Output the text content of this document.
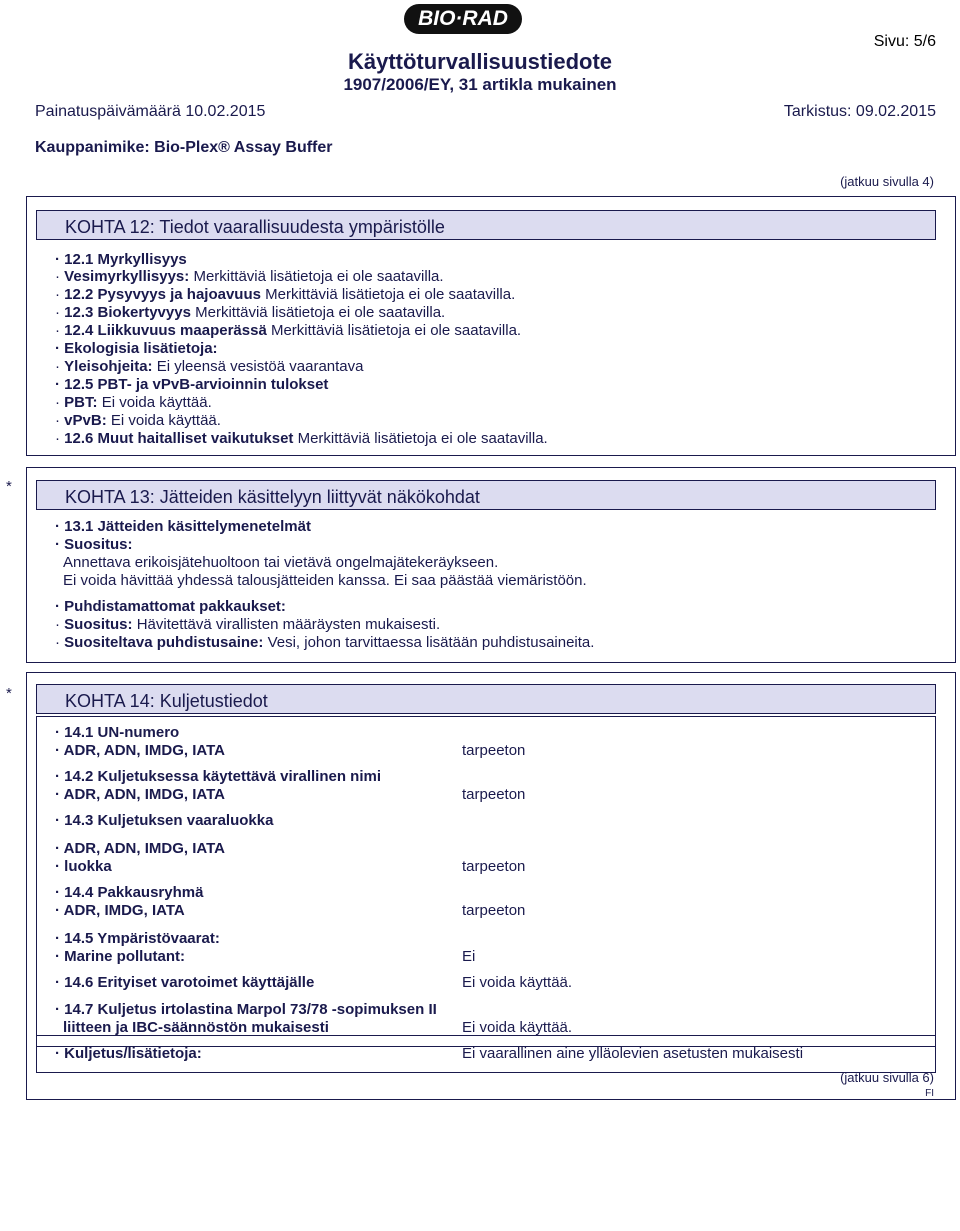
BIO·RAD
Käyttöturvallisuustiedote
1907/2006/EY, 31 artikla mukainen
Sivu: 5/6
Painatuspäivämäärä 10.02.2015	Tarkistus: 09.02.2015
Kauppanimike: Bio-Plex® Assay Buffer
(jatkuu sivulla 4)
KOHTA 12: Tiedot vaarallisuudesta ympäristölle
· 12.1 Myrkyllisyys
· Vesimyrkyllisyys: Merkittäviä lisätietoja ei ole saatavilla.
· 12.2 Pysyvyys ja hajoavuus Merkittäviä lisätietoja ei ole saatavilla.
· 12.3 Biokertyvyys Merkittäviä lisätietoja ei ole saatavilla.
· 12.4 Liikkuvuus maaperässä Merkittäviä lisätietoja ei ole saatavilla.
· Ekologisia lisätietoja:
· Yleisohjeita: Ei yleensä vesistöä vaarantava
· 12.5 PBT- ja vPvB-arvioinnin tulokset
· PBT: Ei voida käyttää.
· vPvB: Ei voida käyttää.
· 12.6 Muut haitalliset vaikutukset Merkittäviä lisätietoja ei ole saatavilla.
*
KOHTA 13: Jätteiden käsittelyyn liittyvät näkökohdat
· 13.1 Jätteiden käsittelymenetelmät
· Suositus:
Annettava erikoisjätehuoltoon tai vietävä ongelmajätekeräykseen.
Ei voida hävittää yhdessä talousjätteiden kanssa. Ei saa päästää viemäristöön.
· Puhdistamattomat pakkaukset:
· Suositus: Hävitettävä virallisten määräysten mukaisesti.
· Suositeltava puhdistusaine: Vesi, johon tarvittaessa lisätään puhdistusaineita.
*	KOHTA 14: Kuljetustiedot
· 14.1 UN-numero
· ADR, ADN, IMDG, IATA	tarpeeton
· 14.2 Kuljetuksessa käytettävä virallinen nimi
· ADR, ADN, IMDG, IATA	tarpeeton
· 14.3 Kuljetuksen vaaraluokka
· ADR, ADN, IMDG, IATA
· luokka	tarpeeton
· 14.4 Pakkausryhmä
· ADR, IMDG, IATA	tarpeeton
· 14.5 Ympäristövaarat:
· Marine pollutant:	Ei
· 14.6 Erityiset varotoimet käyttäjälle	Ei voida käyttää.
· 14.7 Kuljetus irtolastina Marpol 73/78 -sopimuksen II
liitteen ja IBC-säännöstön mukaisesti	Ei voida käyttää.
· Kuljetus/lisätietoja:	Ei vaarallinen aine ylläolevien asetusten mukaisesti
(jatkuu sivulla 6)
FI
